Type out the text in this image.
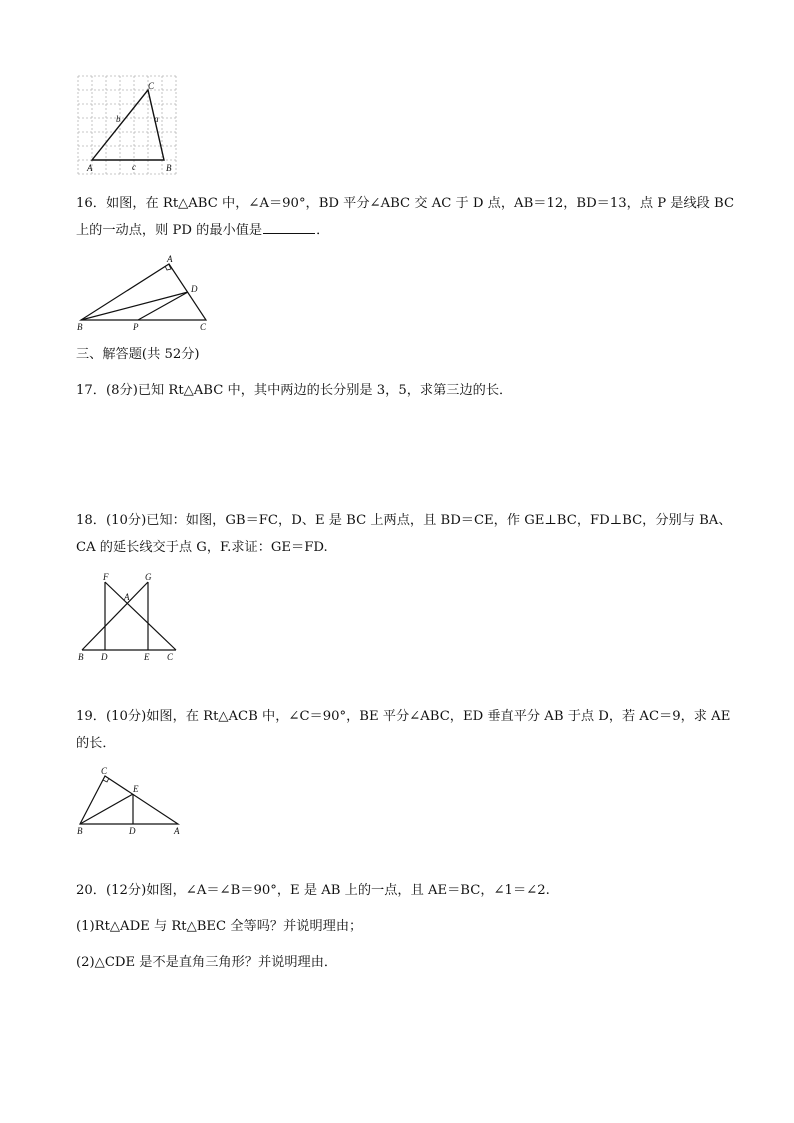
A	B
C
a
b
c
16．如图，在 Rt△ABC 中，∠A＝90°，BD 平分∠ABC 交 AC 于 D 点，AB＝12，BD＝13，点 P 是线段 BC
上的一动点，则 PD 的最小值是	．
A
D
B	P	C
三、解答题(共 52分)
17．(8分)已知 Rt△ABC 中，其中两边的长分别是 3，5，求第三边的长．
18．(10分)已知：如图，GB＝FC，D、E 是 BC 上两点，且 BD＝CE，作 GE⊥BC，FD⊥BC，分别与 BA、
CA 的延长线交于点 G，F.求证：GE＝FD.
F	G
A
B D	E C
19．(10分)如图，在 Rt△ACB 中，∠C＝90°，BE 平分∠ABC，ED 垂直平分 AB 于点 D，若 AC＝9，求 AE
的长．
C
E
B	D	A
20．(12分)如图，∠A＝∠B＝90°，E 是 AB 上的一点，且 AE＝BC，∠1＝∠2.
(1)Rt△ADE 与 Rt△BEC 全等吗？并说明理由；
(2)△CDE 是不是直角三角形？并说明理由．
